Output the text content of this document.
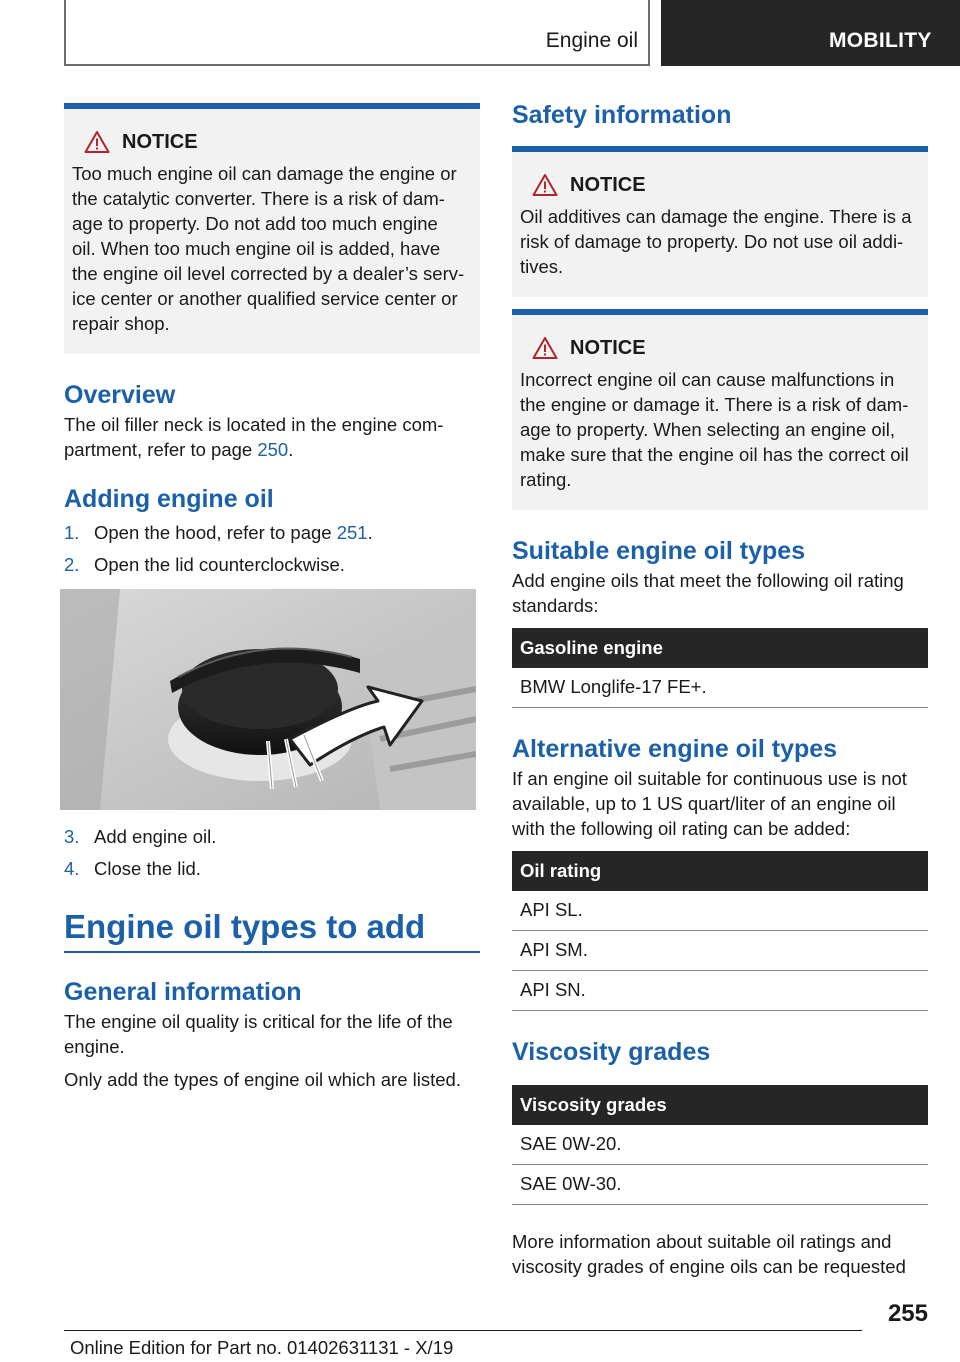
Engine oil	MOBILITY
NOTICE
Too much engine oil can damage the engine or
the catalytic converter. There is a risk of dam-
age to property. Do not add too much engine
oil. When too much engine oil is added, have
the engine oil level corrected by a dealer’s serv-
ice center or another qualified service center or
repair shop.
Overview

The oil filler neck is located in the engine com-
partment, refer to page 250.

Adding engine oil
1. Open the hood, refer to page 251.
2. Open the lid counterclockwise.
3. Add engine oil.
4. Close the lid.
Engine oil types to add
General information

The engine oil quality is critical for the life of the
engine.

Only add the types of engine oil which are listed.

Safety information
NOTICE
Oil additives can damage the engine. There is a
risk of damage to property. Do not use oil addi-
tives.
NOTICE
Incorrect engine oil can cause malfunctions in
the engine or damage it. There is a risk of dam-
age to property. When selecting an engine oil,
make sure that the engine oil has the correct oil
rating.
Suitable engine oil types

Add engine oils that meet the following oil rating
standards:

Gasoline engine
BMW Longlife-17 FE+.
Alternative engine oil types

If an engine oil suitable for continuous use is not
available, up to 1 US quart/liter of an engine oil
with the following oil rating can be added:

Oil rating
API SL.
API SM.
API SN.
Viscosity grades
Viscosity grades
SAE 0W-20.
SAE 0W-30.

More information about suitable oil ratings and
viscosity grades of engine oils can be requested

255
Online Edition for Part no. 01402631131 - X/19
